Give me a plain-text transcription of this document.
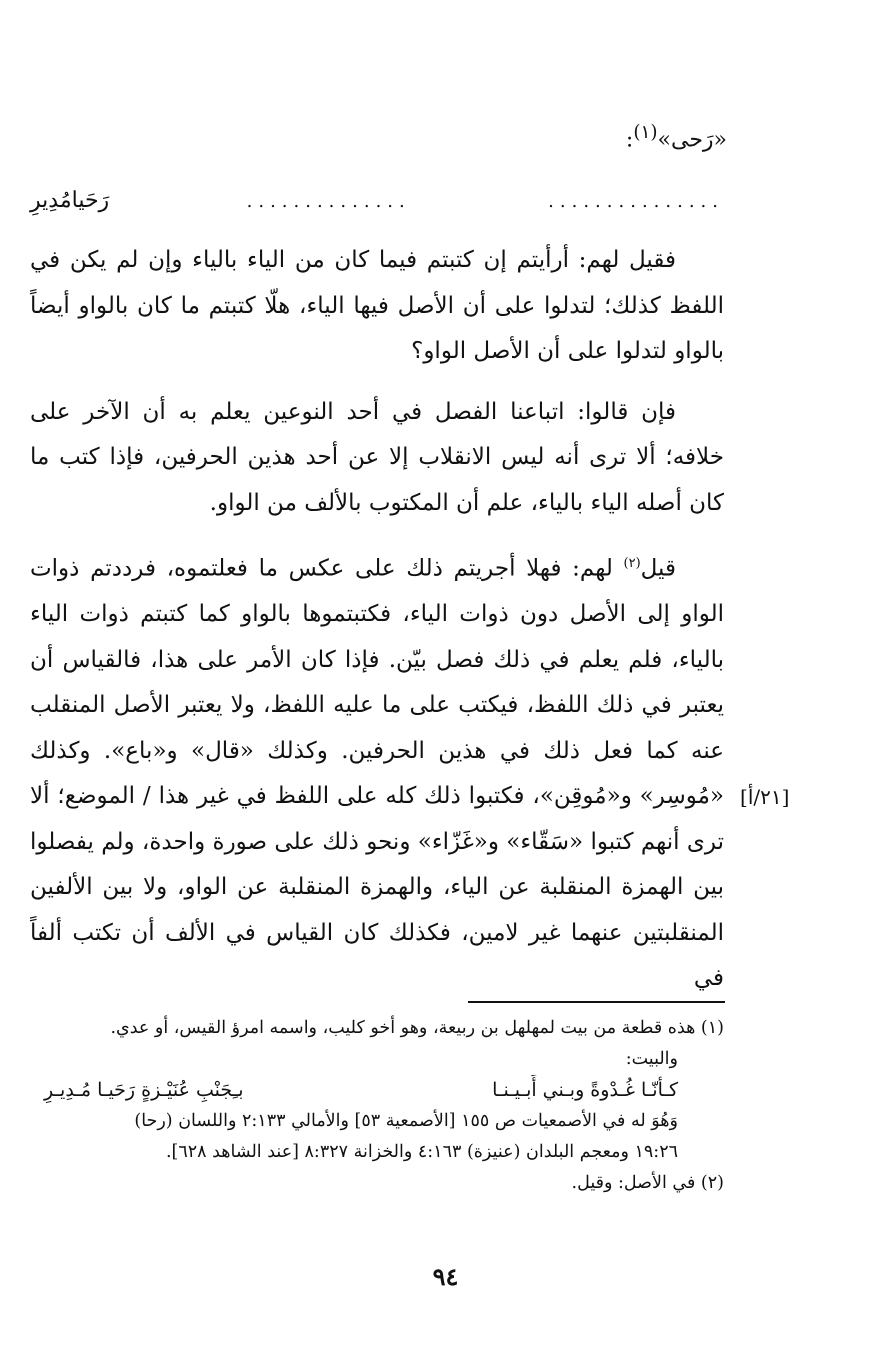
«رَحى»$^{(١)}$:
...............
..............
رَحَيامُدِيرِ

فقيل لهم: أرأيتم إن كتبتم فيما كان من الياء بالياء وإن لم يكن في اللفظ كذلك؛ لتدلوا على أن الأصل فيها الياء، هلّا كتبتم ما كان بالواو أيضاً بالواو لتدلوا على أن الأصل الواو؟

فإن قالوا: اتباعنا الفصل في أحد النوعين يعلم به أن الآخر على خلافه؛ ألا ترى أنه ليس الانقلاب إلا عن أحد هذين الحرفين، فإذا كتب ما كان أصله الياء بالياء، علم أن المكتوب بالألف من الواو.

قيل$^{(٢)}$ لهم: فهلا أجريتم ذلك على عكس ما فعلتموه، فرددتم ذوات الواو إلى الأصل دون ذوات الياء، فكتبتموها بالواو كما كتبتم ذوات الياء بالياء، فلم يعلم في ذلك فصل بيّن. فإذا كان الأمر على هذا، فالقياس أن يعتبر في ذلك اللفظ، فيكتب على ما عليه اللفظ، ولا يعتبر الأصل المنقلب عنه كما فعل ذلك في هذين الحرفين. وكذلك «قال» و«باع». وكذلك «مُوسِر» و«مُوقِن»، فكتبوا ذلك كله على اللفظ في غير هذا / الموضع؛ ألا ترى أنهم كتبوا «سَقّاء» و«غَزّاء» ونحو ذلك على صورة واحدة، ولم يفصلوا بين الهمزة المنقلبة عن الياء، والهمزة المنقلبة عن الواو، ولا بين الألفين المنقلبتين عنهما غير لامين، فكذلك كان القياس في الألف أن تكتب ألفاً في

[٢١/أ]
(١) هذه قطعة من بيت لمهلهل بن ربيعة، وهو أخو كليب، واسمه امرؤ القيس، أو عدي.
والبيت:
كـأَنّـا غُـدْوةً وبـني أَبـيـنـا
بـِجَنْبِ عُنَيْـزةٍ رَحَيـا مُـدِيـرِ
وَهُوَ له في الأصمعيات ص ١٥٥ [الأصمعية ٥٣] والأمالي ٢:١٣٣ واللسان (رحا)
١٩:٢٦ ومعجم البلدان (عنيزة) ٤:١٦٣ والخزانة ٨:٣٢٧ [عند الشاهد ٦٢٨].
(٢) في الأصل: وقيل.
٩٤
